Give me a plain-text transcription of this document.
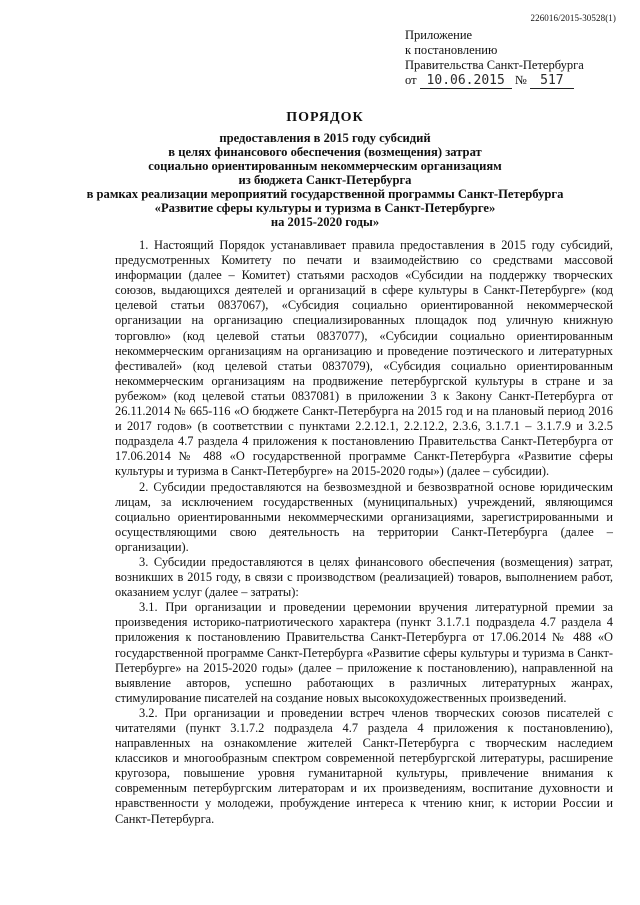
226016/2015-30528(1)
Приложение
к постановлению
Правительства Санкт-Петербурга
от 10.06.2015 № 517
ПОРЯДОК
предоставления в 2015 году субсидий
в целях финансового обеспечения (возмещения) затрат
социально ориентированным некоммерческим организациям
из бюджета Санкт-Петербурга
в рамках реализации мероприятий государственной программы Санкт-Петербурга
«Развитие сферы культуры и туризма в Санкт-Петербурге»
на 2015-2020 годы»

1. Настоящий Порядок устанавливает правила предоставления в 2015 году субсидий, предусмотренных Комитету по печати и взаимодействию со средствами массовой информации (далее – Комитет) статьями расходов «Субсидии на поддержку творческих союзов, выдающихся деятелей и организаций в сфере культуры в Санкт-Петербурге» (код целевой статьи 0837067), «Субсидия социально ориентированной некоммерческой организации на организацию специализированных площадок под уличную книжную торговлю» (код целевой статьи 0837077), «Субсидии социально ориентированным некоммерческим организациям на организацию и проведение поэтического и литературных фестивалей» (код целевой статьи 0837079), «Субсидия социально ориентированным некоммерческим организациям на продвижение петербургской культуры в стране и за рубежом» (код целевой статьи 0837081) в приложении 3 к Закону Санкт-Петербурга от 26.11.2014 № 665-116 «О бюджете Санкт-Петербурга на 2015 год и на плановый период 2016 и 2017 годов» (в соответствии с пунктами 2.2.12.1, 2.2.12.2, 2.3.6, 3.1.7.1 – 3.1.7.9 и 3.2.5 подраздела 4.7 раздела 4 приложения к постановлению Правительства Санкт-Петербурга от 17.06.2014 № 488 «О государственной программе Санкт-Петербурга «Развитие сферы культуры и туризма в Санкт-Петербурге» на 2015-2020 годы») (далее – субсидии).

2. Субсидии предоставляются на безвозмездной и безвозвратной основе юридическим лицам, за исключением государственных (муниципальных) учреждений, являющимся социально ориентированными некоммерческими организациями, зарегистрированными и осуществляющими свою деятельность на территории Санкт-Петербурга (далее – организации).

3. Субсидии предоставляются в целях финансового обеспечения (возмещения) затрат, возникших в 2015 году, в связи с производством (реализацией) товаров, выполнением работ, оказанием услуг (далее – затраты):

3.1. При организации и проведении церемонии вручения литературной премии за произведения историко-патриотического характера (пункт 3.1.7.1 подраздела 4.7 раздела 4 приложения к постановлению Правительства Санкт-Петербурга от 17.06.2014 № 488 «О государственной программе Санкт-Петербурга «Развитие сферы культуры и туризма в Санкт-Петербурге» на 2015-2020 годы» (далее – приложение к постановлению), направленной на выявление авторов, успешно работающих в различных литературных жанрах, стимулирование писателей на создание новых высокохудожественных произведений.

3.2. При организации и проведении встреч членов творческих союзов писателей с читателями (пункт 3.1.7.2 подраздела 4.7 раздела 4 приложения к постановлению), направленных на ознакомление жителей Санкт-Петербурга с творческим наследием классиков и многообразным спектром современной петербургской литературы, расширение кругозора, повышение уровня гуманитарной культуры, привлечение внимания к современным петербургским литераторам и их произведениям, воспитание духовности и нравственности у молодежи, пробуждение интереса к чтению книг, к истории России и Санкт-Петербурга.
